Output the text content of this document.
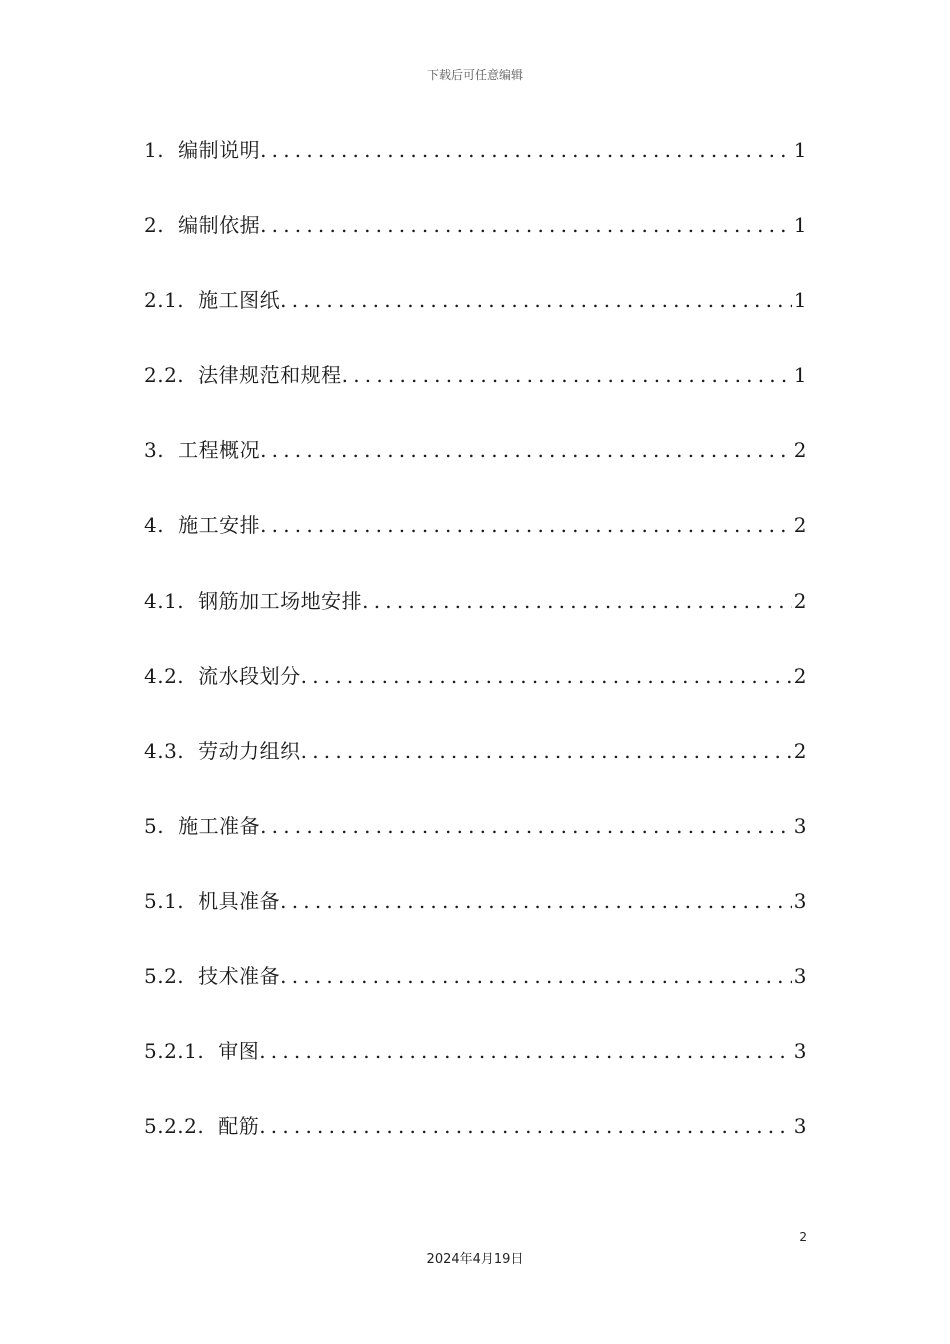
下载后可任意编辑
1. 编制说明 .....	1
2. 编制依据 .....	1
2.1. 施工图纸 .....	1
2.2. 法律规范和规程 .....	1
3. 工程概况 .....	2
4. 施工安排 .....	2
4.1. 钢筋加工场地安排 .....	2
4.2. 流水段划分 .....	2
4.3. 劳动力组织 .....	2
5. 施工准备 .....	3
5.1. 机具准备 .....	3
5.2. 技术准备 .....	3
5.2.1. 审图 .....	3
5.2.2. 配筋 .....	3
2
2024年4月19日
